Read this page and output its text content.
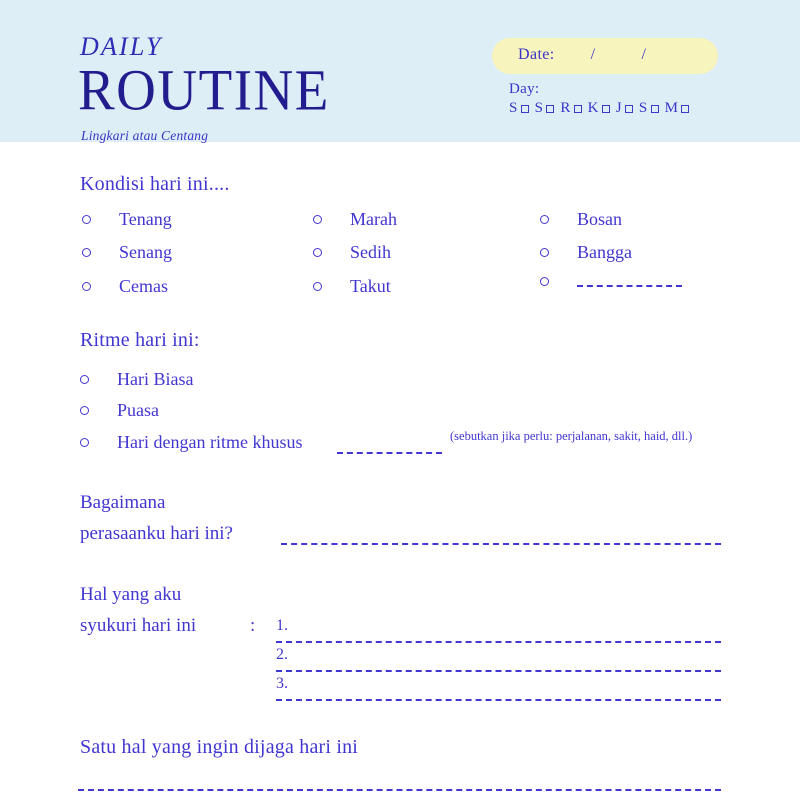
DAILY
ROUTINE
Lingkari atau Centang
Date: /	/
Day:
S S R K J S M
Kondisi hari ini....
Tenang
Senang
Cemas
Marah
Sedih
Takut
Bosan
Bangga
Ritme hari ini:
Hari Biasa
Puasa
Hari dengan ritme khusus	(sebutkan jika perlu: perjalanan, sakit, haid, dll.)
Bagaimana
perasaanku hari ini?
Hal yang aku
syukuri hari ini	: 1.
2.
3.
Satu hal yang ingin dijaga hari ini
